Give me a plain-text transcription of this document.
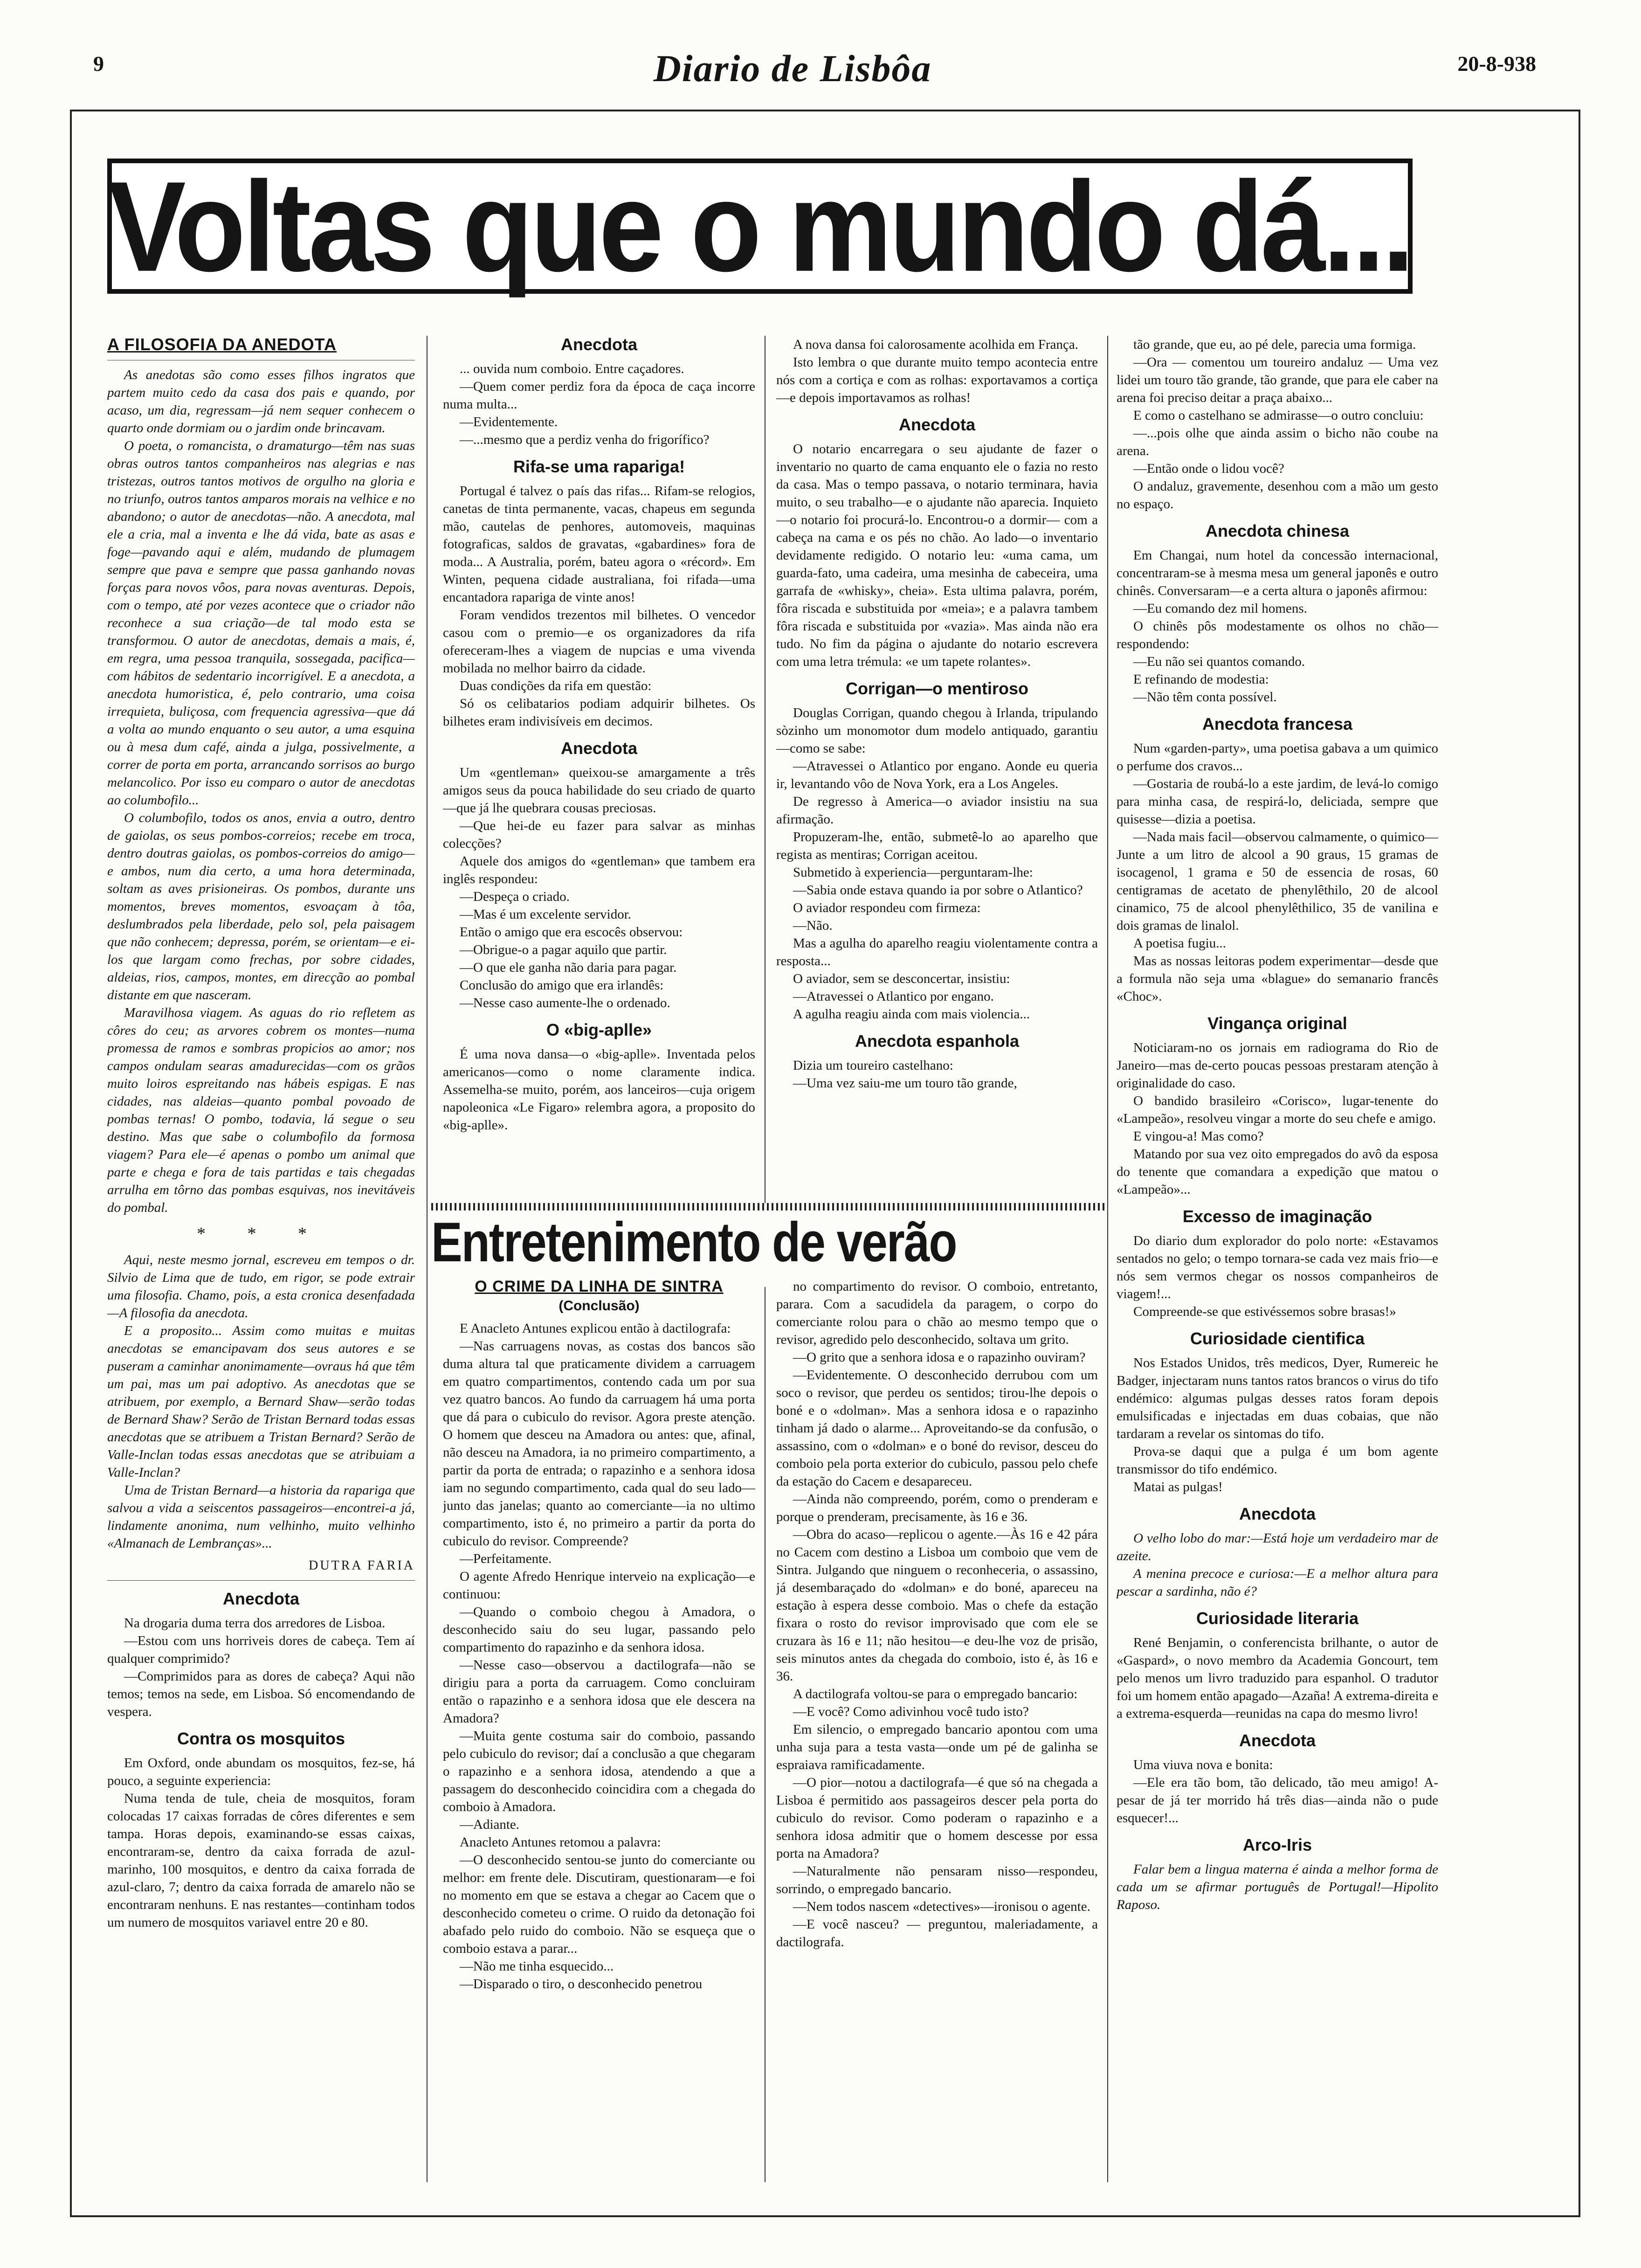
9	Diario de Lisbôa	20-8-938
Voltas que o mundo dá...
A FILOSOFIA DA ANEDOTA

As anedotas são como esses filhos ingratos que partem muito cedo da casa dos pais e quando, por acaso, um dia, regressam—já nem sequer conhecem o quarto onde dormiam ou o jardim onde brincavam.

O poeta, o romancista, o dramaturgo—têm nas suas obras outros tantos companheiros nas alegrias e nas tristezas, outros tantos motivos de orgulho na gloria e no triunfo, outros tantos amparos morais na velhice e no abandono; o autor de anecdotas—não. A anecdota, mal ele a cria, mal a inventa e lhe dá vida, bate as asas e foge—pavando aqui e além, mudando de plumagem sempre que pava e sempre que passa ganhando novas forças para novos vôos, para novas aventuras. Depois, com o tempo, até por vezes acontece que o criador não reconhece a sua criação—de tal modo esta se transformou. O autor de anecdotas, demais a mais, é, em regra, uma pessoa tranquila, sossegada, pacifica—com hábitos de sedentario incorrigível. E a anecdota, a anecdota humoristica, é, pelo contrario, uma coisa irrequieta, buliçosa, com frequencia agressiva—que dá a volta ao mundo enquanto o seu autor, a uma esquina ou à mesa dum café, ainda a julga, possivelmente, a correr de porta em porta, arrancando sorrisos ao burgo melancolico. Por isso eu comparo o autor de anecdotas ao columbofilo...

O columbofilo, todos os anos, envia a outro, dentro de gaiolas, os seus pombos-correios; recebe em troca, dentro doutras gaiolas, os pombos-correios do amigo—e ambos, num dia certo, a uma hora determinada, soltam as aves prisioneiras. Os pombos, durante uns momentos, breves momentos, esvoaçam à tôa, deslumbrados pela liberdade, pelo sol, pela paisagem que não conhecem; depressa, porém, se orientam—e ei-los que largam como frechas, por sobre cidades, aldeias, rios, campos, montes, em direcção ao pombal distante em que nasceram.

Maravilhosa viagem. As aguas do rio refletem as côres do ceu; as arvores cobrem os montes—numa promessa de ramos e sombras propicios ao amor; nos campos ondulam searas amadurecidas—com os grãos muito loiros espreitando nas hábeis espigas. E nas cidades, nas aldeias—quanto pombal povoado de pombas ternas! O pombo, todavia, lá segue o seu destino. Mas que sabe o columbofilo da formosa viagem? Para ele—é apenas o pombo um animal que parte e chega e fora de tais partidas e tais chegadas arrulha em tôrno das pombas esquivas, nos inevitáveis do pombal.

* * *

Aqui, neste mesmo jornal, escreveu em tempos o dr. Silvio de Lima que de tudo, em rigor, se pode extrair uma filosofia. Chamo, pois, a esta cronica desenfadada—A filosofia da anecdota.

E a proposito... Assim como muitas e muitas anecdotas se emancipavam dos seus autores e se puseram a caminhar anonimamente—ovraus há que têm um pai, mas um pai adoptivo. As anecdotas que se atribuem, por exemplo, a Bernard Shaw—serão todas de Bernard Shaw? Serão de Tristan Bernard todas essas anecdotas que se atribuem a Tristan Bernard? Serão de Valle-Inclan todas essas anecdotas que se atribuiam a Valle-Inclan?

Uma de Tristan Bernard—a historia da rapariga que salvou a vida a seiscentos passageiros—encontrei-a já, lindamente anonima, num velhinho, muito velhinho «Almanach de Lembranças»...

DUTRA FARIA
Anecdota

Na drogaria duma terra dos arredores de Lisboa.

—Estou com uns horriveis dores de cabeça. Tem aí qualquer comprimido?

—Comprimidos para as dores de cabeça? Aqui não temos; temos na sede, em Lisboa. Só encomendando de vespera.

Contra os mosquitos

Em Oxford, onde abundam os mosquitos, fez-se, há pouco, a seguinte experiencia:

Numa tenda de tule, cheia de mosquitos, foram colocadas 17 caixas forradas de côres diferentes e sem tampa. Horas depois, examinando-se essas caixas, encontraram-se, dentro da caixa forrada de azul-marinho, 100 mosquitos, e dentro da caixa forrada de azul-claro, 7; dentro da caixa forrada de amarelo não se encontraram nenhuns. E nas restantes—continham todos um numero de mosquitos variavel entre 20 e 80.

Anecdota

... ouvida num comboio. Entre caçadores.

—Quem comer perdiz fora da época de caça incorre numa multa...

—Evidentemente.

—...mesmo que a perdiz venha do frigorífico?

Rifa-se uma rapariga!

Portugal é talvez o país das rifas... Rifam-se relogios, canetas de tinta permanente, vacas, chapeus em segunda mão, cautelas de penhores, automoveis, maquinas fotograficas, saldos de gravatas, «gabardines» fora de moda... A Australia, porém, bateu agora o «récord». Em Winten, pequena cidade australiana, foi rifada—uma encantadora rapariga de vinte anos!

Foram vendidos trezentos mil bilhetes. O vencedor casou com o premio—e os organizadores da rifa ofereceram-lhes a viagem de nupcias e uma vivenda mobilada no melhor bairro da cidade.

Duas condições da rifa em questão:

Só os celibatarios podiam adquirir bilhetes. Os bilhetes eram indivisíveis em decimos.

Anecdota

Um «gentleman» queixou-se amargamente a três amigos seus da pouca habilidade do seu criado de quarto—que já lhe quebrara cousas preciosas.

—Que hei-de eu fazer para salvar as minhas colecções?

Aquele dos amigos do «gentleman» que tambem era inglês respondeu:

—Despeça o criado.

—Mas é um excelente servidor.

Então o amigo que era escocês observou:

—Obrigue-o a pagar aquilo que partir.

—O que ele ganha não daria para pagar.

Conclusão do amigo que era irlandês:

—Nesse caso aumente-lhe o ordenado.

O «big-aplle»

É uma nova dansa—o «big-aplle». Inventada pelos americanos—como o nome claramente indica. Assemelha-se muito, porém, aos lanceiros—cuja origem napoleonica «Le Figaro» relembra agora, a proposito do «big-aplle».

A nova dansa foi calorosamente acolhida em França.

Isto lembra o que durante muito tempo acontecia entre nós com a cortiça e com as rolhas: exportavamos a cortiça—e depois importavamos as rolhas!

Anecdota

O notario encarregara o seu ajudante de fazer o inventario no quarto de cama enquanto ele o fazia no resto da casa. Mas o tempo passava, o notario terminara, havia muito, o seu trabalho—e o ajudante não aparecia. Inquieto—o notario foi procurá-lo. Encontrou-o a dormir— com a cabeça na cama e os pés no chão. Ao lado—o inventario devidamente redigido. O notario leu: «uma cama, um guarda-fato, uma cadeira, uma mesinha de cabeceira, uma garrafa de «whisky», cheia». Esta ultima palavra, porém, fôra riscada e substituida por «meia»; e a palavra tambem fôra riscada e substituida por «vazia». Mas ainda não era tudo. No fim da página o ajudante do notario escrevera com uma letra trémula: «e um tapete rolantes».

Corrigan—o mentiroso

Douglas Corrigan, quando chegou à Irlanda, tripulando sòzinho um monomotor dum modelo antiquado, garantiu—como se sabe:

—Atravessei o Atlantico por engano. Aonde eu queria ir, levantando vôo de Nova York, era a Los Angeles.

De regresso à America—o aviador insistiu na sua afirmação.

Propuzeram-lhe, então, submetê-lo ao aparelho que regista as mentiras; Corrigan aceitou.

Submetido à experiencia—perguntaram-lhe:

—Sabia onde estava quando ia por sobre o Atlantico?

O aviador respondeu com firmeza:

—Não.

Mas a agulha do aparelho reagiu violentamente contra a resposta...

O aviador, sem se desconcertar, insistiu:

—Atravessei o Atlantico por engano.

A agulha reagiu ainda com mais violencia...

Anecdota espanhola

Dizia um toureiro castelhano:

—Uma vez saiu-me um touro tão grande,

tão grande, que eu, ao pé dele, parecia uma formiga.

—Ora — comentou um toureiro andaluz — Uma vez lidei um touro tão grande, tão grande, que para ele caber na arena foi preciso deitar a praça abaixo...

E como o castelhano se admirasse—o outro concluiu:

—...pois olhe que ainda assim o bicho não coube na arena.

—Então onde o lidou você?

O andaluz, gravemente, desenhou com a mão um gesto no espaço.

Anecdota chinesa

Em Changai, num hotel da concessão internacional, concentraram-se à mesma mesa um general japonês e outro chinês. Conversaram—e a certa altura o japonês afirmou:

—Eu comando dez mil homens.

O chinês pôs modestamente os olhos no chão—respondendo:

—Eu não sei quantos comando.

E refinando de modestia:

—Não têm conta possível.

Anecdota francesa

Num «garden-party», uma poetisa gabava a um quimico o perfume dos cravos...

—Gostaria de roubá-lo a este jardim, de levá-lo comigo para minha casa, de respirá-lo, deliciada, sempre que quisesse—dizia a poetisa.

—Nada mais facil—observou calmamente, o quimico—Junte a um litro de alcool a 90 graus, 15 gramas de isocagenol, 1 grama e 50 de essencia de rosas, 60 centigramas de acetato de phenylêthilo, 20 de alcool cinamico, 75 de alcool phenylêthilico, 35 de vanilina e dois gramas de linalol.

A poetisa fugiu...

Mas as nossas leitoras podem experimentar—desde que a formula não seja uma «blague» do semanario francês «Choc».

Vingança original

Noticiaram-no os jornais em radiograma do Rio de Janeiro—mas de-certo poucas pessoas prestaram atenção à originalidade do caso.

O bandido brasileiro «Corisco», lugar-tenente do «Lampeão», resolveu vingar a morte do seu chefe e amigo.

E vingou-a! Mas como?

Matando por sua vez oito empregados do avô da esposa do tenente que comandara a expedição que matou o «Lampeão»...

Excesso de imaginação

Do diario dum explorador do polo norte: «Estavamos sentados no gelo; o tempo tornara-se cada vez mais frio—e nós sem vermos chegar os nossos companheiros de viagem!...

Compreende-se que estivéssemos sobre brasas!»

Curiosidade cientifica

Nos Estados Unidos, três medicos, Dyer, Rumereic he Badger, injectaram nuns tantos ratos brancos o virus do tifo endémico: algumas pulgas desses ratos foram depois emulsificadas e injectadas em duas cobaias, que não tardaram a revelar os sintomas do tifo.

Prova-se daqui que a pulga é um bom agente transmissor do tifo endémico.

Matai as pulgas!

Anecdota

O velho lobo do mar:—Está hoje um verdadeiro mar de azeite.

A menina precoce e curiosa:—E a melhor altura para pescar a sardinha, não é?

Curiosidade literaria

René Benjamin, o conferencista brilhante, o autor de «Gaspard», o novo membro da Academia Goncourt, tem pelo menos um livro traduzido para espanhol. O tradutor foi um homem então apagado—Azaña! A extrema-direita e a extrema-esquerda—reunidas na capa do mesmo livro!

Anecdota

Uma viuva nova e bonita:

—Ele era tão bom, tão delicado, tão meu amigo! A-pesar de já ter morrido há três dias—ainda não o pude esquecer!...

Arco-Iris

Falar bem a lingua materna é ainda a melhor forma de cada um se afirmar português de Portugal!—Hipolito Raposo.

Entretenimento de verão
O CRIME DA LINHA DE SINTRA
(Conclusão)

E Anacleto Antunes explicou então à dactilografa:

—Nas carruagens novas, as costas dos bancos são duma altura tal que praticamente dividem a carruagem em quatro compartimentos, contendo cada um por sua vez quatro bancos. Ao fundo da carruagem há uma porta que dá para o cubiculo do revisor. Agora preste atenção. O homem que desceu na Amadora ou antes: que, afinal, não desceu na Amadora, ia no primeiro compartimento, a partir da porta de entrada; o rapazinho e a senhora idosa iam no segundo compartimento, cada qual do seu lado—junto das janelas; quanto ao comerciante—ia no ultimo compartimento, isto é, no primeiro a partir da porta do cubiculo do revisor. Compreende?

—Perfeitamente.

O agente Afredo Henrique interveio na explicação—e continuou:

—Quando o comboio chegou à Amadora, o desconhecido saiu do seu lugar, passando pelo compartimento do rapazinho e da senhora idosa.

—Nesse caso—observou a dactilografa—não se dirigiu para a porta da carruagem. Como concluiram então o rapazinho e a senhora idosa que ele descera na Amadora?

—Muita gente costuma sair do comboio, passando pelo cubiculo do revisor; daí a conclusão a que chegaram o rapazinho e a senhora idosa, atendendo a que a passagem do desconhecido coincidira com a chegada do comboio à Amadora.

—Adiante.

Anacleto Antunes retomou a palavra:

—O desconhecido sentou-se junto do comerciante ou melhor: em frente dele. Discutiram, questionaram—e foi no momento em que se estava a chegar ao Cacem que o desconhecido cometeu o crime. O ruido da detonação foi abafado pelo ruido do comboio. Não se esqueça que o comboio estava a parar...

—Não me tinha esquecido...

—Disparado o tiro, o desconhecido penetrou

no compartimento do revisor. O comboio, entretanto, parara. Com a sacudidela da paragem, o corpo do comerciante rolou para o chão ao mesmo tempo que o revisor, agredido pelo desconhecido, soltava um grito.

—O grito que a senhora idosa e o rapazinho ouviram?

—Evidentemente. O desconhecido derrubou com um soco o revisor, que perdeu os sentidos; tirou-lhe depois o boné e o «dolman». Mas a senhora idosa e o rapazinho tinham já dado o alarme... Aproveitando-se da confusão, o assassino, com o «dolman» e o boné do revisor, desceu do comboio pela porta exterior do cubiculo, passou pelo chefe da estação do Cacem e desapareceu.

—Ainda não compreendo, porém, como o prenderam e porque o prenderam, precisamente, às 16 e 36.

—Obra do acaso—replicou o agente.—Às 16 e 42 pára no Cacem com destino a Lisboa um comboio que vem de Sintra. Julgando que ninguem o reconheceria, o assassino, já desembaraçado do «dolman» e do boné, apareceu na estação à espera desse comboio. Mas o chefe da estação fixara o rosto do revisor improvisado que com ele se cruzara às 16 e 11; não hesitou—e deu-lhe voz de prisão, seis minutos antes da chegada do comboio, isto é, às 16 e 36.

A dactilografa voltou-se para o empregado bancario:

—E você? Como adivinhou você tudo isto?

Em silencio, o empregado bancario apontou com uma unha suja para a testa vasta—onde um pé de galinha se espraiava ramificadamente.

—O pior—notou a dactilografa—é que só na chegada a Lisboa é permitido aos passageiros descer pela porta do cubiculo do revisor. Como poderam o rapazinho e a senhora idosa admitir que o homem descesse por essa porta na Amadora?

—Naturalmente não pensaram nisso—respondeu, sorrindo, o empregado bancario.

—Nem todos nascem «detectives»—ironisou o agente.

—E você nasceu? — preguntou, maleriadamente, a dactilografa.
